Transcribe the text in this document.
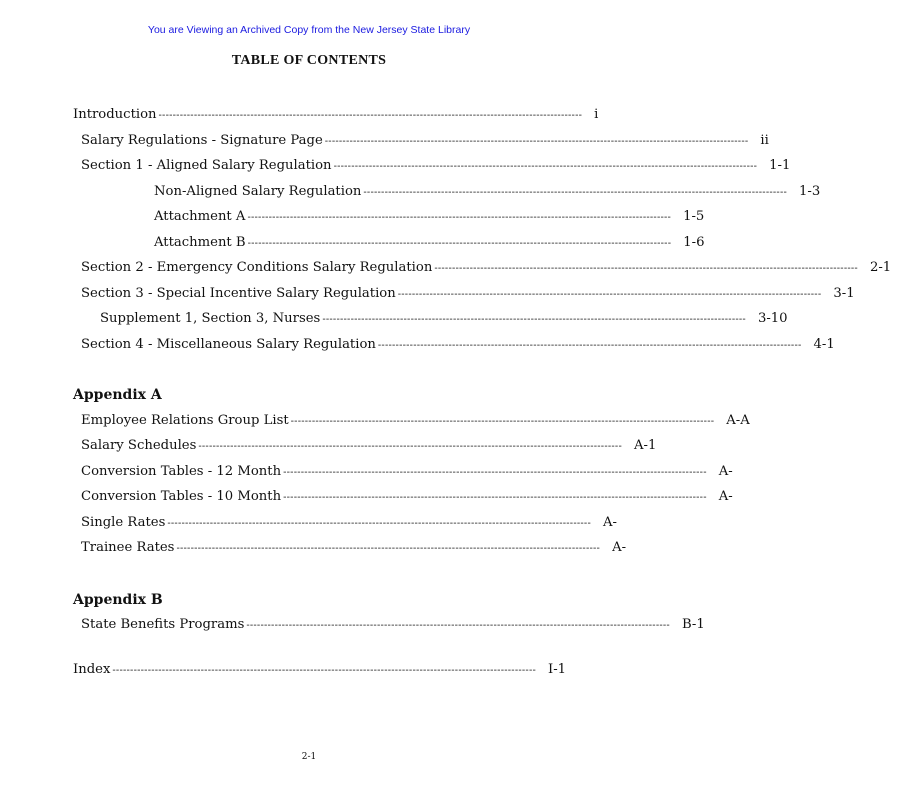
You are Viewing an Archived Copy from the New Jersey State Library
TABLE OF CONTENTS
Introduction ------------------------------------------------------------------------------------------------------------------------ i
Salary Regulations - Signature Page ------------------------------------------------------------------------------------------------------------------------ ii
Section 1 - Aligned Salary Regulation ------------------------------------------------------------------------------------------------------------------------ 1-1
Non-Aligned Salary Regulation ------------------------------------------------------------------------------------------------------------------------ 1-3
Attachment A ------------------------------------------------------------------------------------------------------------------------ 1-5
Attachment B ------------------------------------------------------------------------------------------------------------------------ 1-6
Section 2 - Emergency Conditions Salary Regulation ------------------------------------------------------------------------------------------------------------------------ 2-1
Section 3 - Special Incentive Salary Regulation ------------------------------------------------------------------------------------------------------------------------ 3-1
Supplement 1, Section 3, Nurses ------------------------------------------------------------------------------------------------------------------------ 3-10
Section 4 - Miscellaneous Salary Regulation ------------------------------------------------------------------------------------------------------------------------ 4-1
Appendix A
Employee Relations Group List ------------------------------------------------------------------------------------------------------------------------ A-A
Salary Schedules ------------------------------------------------------------------------------------------------------------------------ A-1
Conversion Tables - 12 Month ------------------------------------------------------------------------------------------------------------------------ A-
Conversion Tables - 10 Month ------------------------------------------------------------------------------------------------------------------------ A-
Single Rates ------------------------------------------------------------------------------------------------------------------------ A-
Trainee Rates ------------------------------------------------------------------------------------------------------------------------ A-
Appendix B
State Benefits Programs ------------------------------------------------------------------------------------------------------------------------ B-1
Index ------------------------------------------------------------------------------------------------------------------------ I-1
2-1
